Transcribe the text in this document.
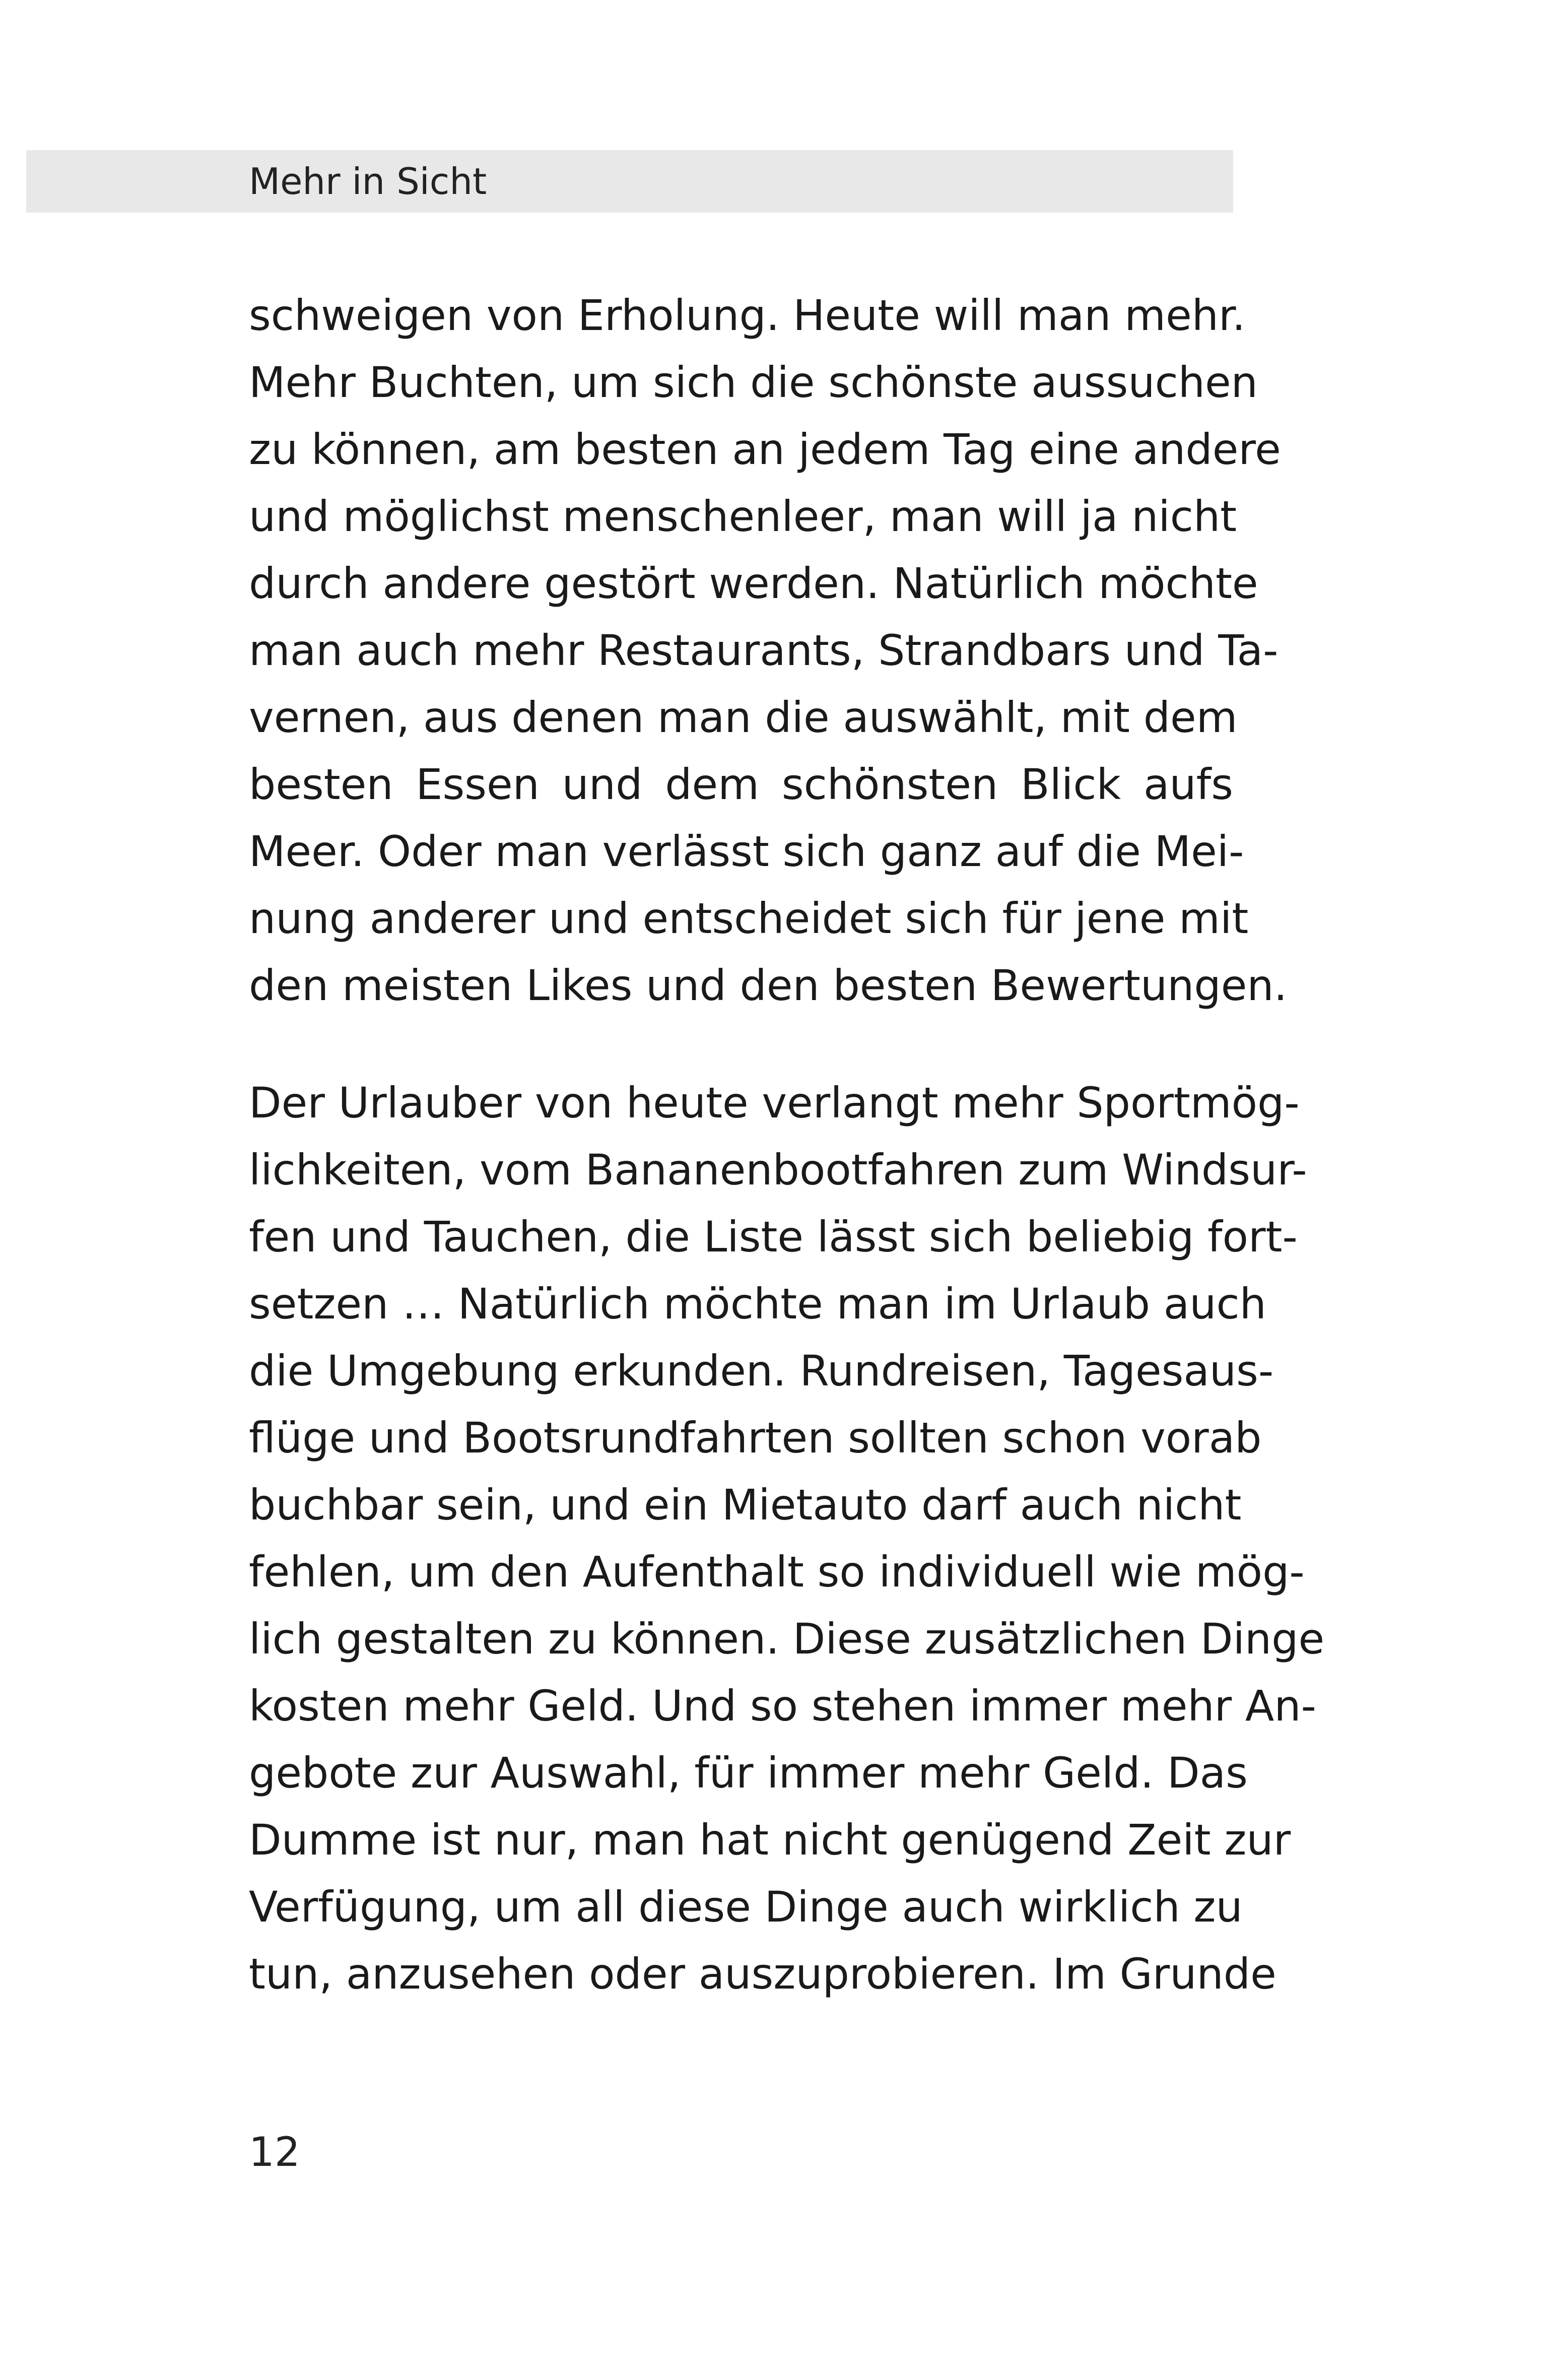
Mehr in Sicht
schweigen von Erholung. Heute will man mehr.
Mehr Buchten, um sich die schönste aussuchen
zu können, am besten an jedem Tag eine andere
und möglichst menschenleer, man will ja nicht
durch andere gestört werden. Natürlich möchte
man auch mehr Restaurants, Strandbars und Ta-
vernen, aus denen man die auswählt, mit dem
besten Essen und dem schönsten Blick aufs
Meer. Oder man verlässt sich ganz auf die Mei-
nung anderer und entscheidet sich für jene mit
den meisten Likes und den besten Bewertungen.
Der Urlauber von heute verlangt mehr Sportmög-
lichkeiten, vom Bananenbootfahren zum Windsur-
fen und Tauchen, die Liste lässt sich beliebig fort-
setzen … Natürlich möchte man im Urlaub auch
die Umgebung erkunden. Rundreisen, Tagesaus-
flüge und Bootsrundfahrten sollten schon vorab
buchbar sein, und ein Mietauto darf auch nicht
fehlen, um den Aufenthalt so individuell wie mög-
lich gestalten zu können. Diese zusätzlichen Dinge
kosten mehr Geld. Und so stehen immer mehr An-
gebote zur Auswahl, für immer mehr Geld. Das
Dumme ist nur, man hat nicht genügend Zeit zur
Verfügung, um all diese Dinge auch wirklich zu
tun, anzusehen oder auszuprobieren. Im Grunde
12
